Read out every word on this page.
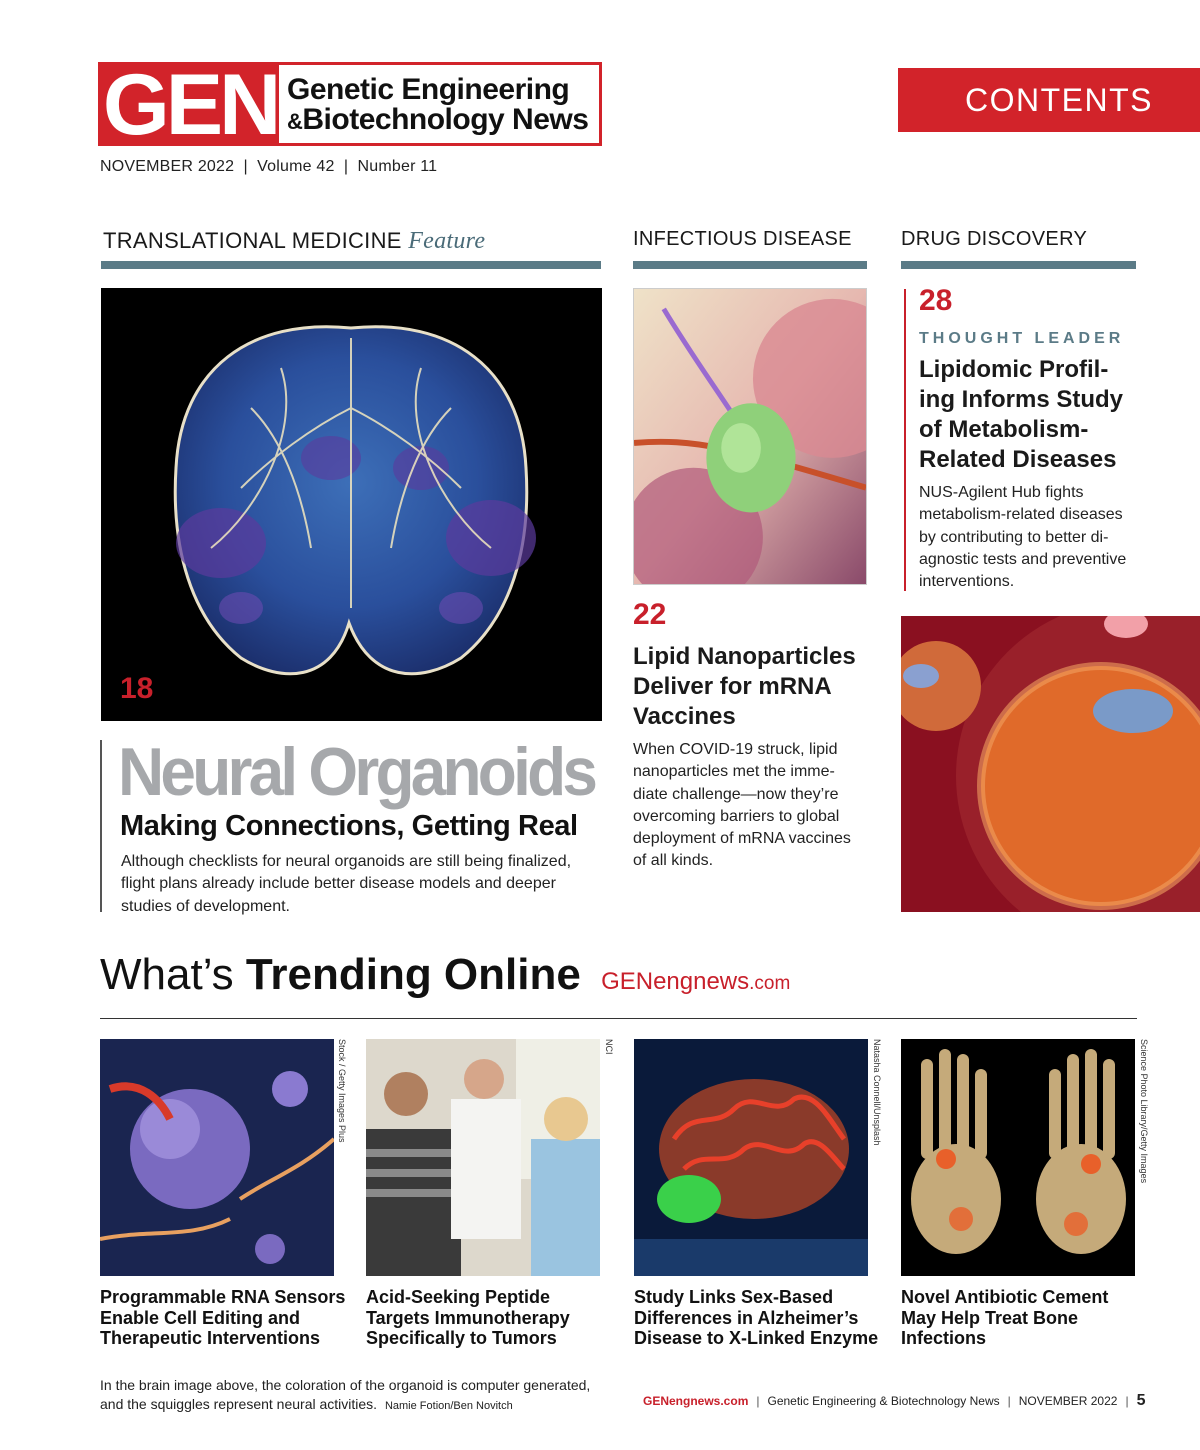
GEN Genetic Engineering
&Biotechnology News
NOVEMBER 2022  |  Volume 42  |  Number 11
CONTENTS
TRANSLATIONAL MEDICINE Feature
18
Neural Organoids
Making Connections, Getting Real
Although checklists for neural organoids are still being finalized, flight plans already include better disease models and deeper studies of development.
INFECTIOUS DISEASE
22
Lipid Nanoparticles Deliver for mRNA Vaccines
When COVID-19 struck, lipid nanoparticles met the imme-diate challenge—now they’re overcoming barriers to global deployment of mRNA vaccines of all kinds.
DRUG DISCOVERY
28
THOUGHT LEADER
Lipidomic Profil-ing Informs Study of Metabolism-Related Diseases
NUS-Agilent Hub fights metabolism-related diseases by contributing to better di-agnostic tests and preventive interventions.
What’s Trending Online GENengnews.com
Stock / Getty Images Plus
Programmable RNA Sensors Enable Cell Editing and Therapeutic Interventions
NCI
Acid-Seeking Peptide Targets Immunotherapy Specifically to Tumors
Natasha Connell/Unsplash
Study Links Sex-Based Differences in Alzheimer’s Disease to X-Linked Enzyme
Science Photo Library/Getty Images
Novel Antibiotic Cement May Help Treat Bone Infections
In the brain image above, the coloration of the organoid is computer generated, and the squiggles represent neural activities. Namie Fotion/Ben Novitch	GENengnews.com | Genetic Engineering & Biotechnology News | NOVEMBER 2022 | 5
